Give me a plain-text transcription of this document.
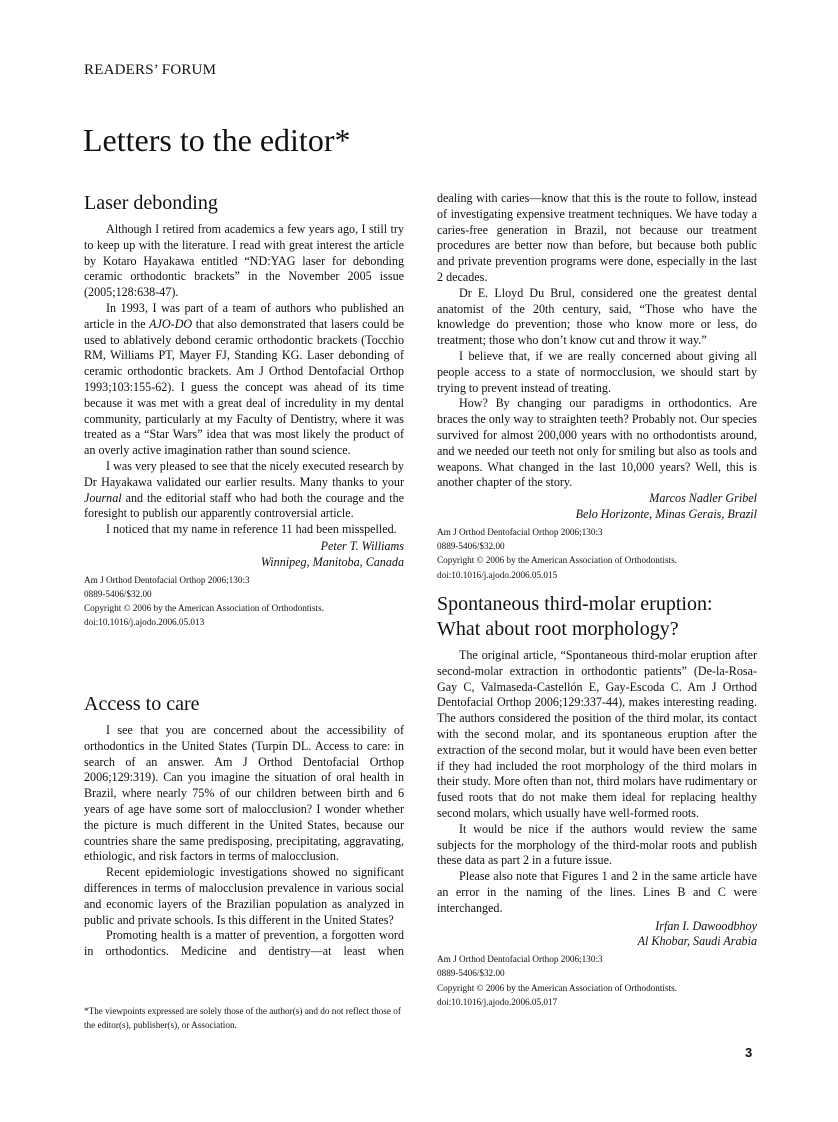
READERS’ FORUM
Letters to the editor*
Laser debonding

Although I retired from academics a few years ago, I still try to keep up with the literature. I read with great interest the article by Kotaro Hayakawa entitled “ND:YAG laser for debonding ceramic orthodontic brackets” in the November 2005 issue (2005;128:638-47).

In 1993, I was part of a team of authors who published an article in the AJO-DO that also demonstrated that lasers could be used to ablatively debond ceramic orthodontic brackets (Tocchio RM, Williams PT, Mayer FJ, Standing KG. Laser debonding of ceramic orthodontic brackets. Am J Orthod Dentofacial Orthop 1993;103:155-62). I guess the concept was ahead of its time because it was met with a great deal of incredulity in my dental community, particularly at my Faculty of Dentistry, where it was treated as a “Star Wars” idea that was most likely the product of an overly active imagination rather than sound science.

I was very pleased to see that the nicely executed research by Dr Hayakawa validated our earlier results. Many thanks to your Journal and the editorial staff who had both the courage and the foresight to publish our apparently controversial article.

I noticed that my name in reference 11 had been misspelled.

Peter T. Williams
Winnipeg, Manitoba, Canada
Am J Orthod Dentofacial Orthop 2006;130:3
0889-5406/$32.00
Copyright © 2006 by the American Association of Orthodontists.
doi:10.1016/j.ajodo.2006.05.013
Access to care

I see that you are concerned about the accessibility of orthodontics in the United States (Turpin DL. Access to care: in search of an answer. Am J Orthod Dentofacial Orthop 2006;129:319). Can you imagine the situation of oral health in Brazil, where nearly 75% of our children between birth and 6 years of age have some sort of malocclusion? I wonder whether the picture is much different in the United States, because our countries share the same predisposing, precipitating, aggravating, ethiologic, and risk factors in terms of malocclusion.

Recent epidemiologic investigations showed no significant differences in terms of malocclusion prevalence in various social and economic layers of the Brazilian population as analyzed in public and private schools. Is this different in the United States?

Promoting health is a matter of prevention, a forgotten word in orthodontics. Medicine and dentistry—at least when

*The viewpoints expressed are solely those of the author(s) and do not reflect those of the editor(s), publisher(s), or Association.

dealing with caries—know that this is the route to follow, instead of investigating expensive treatment techniques. We have today a caries-free generation in Brazil, not because our treatment procedures are better now than before, but because both public and private prevention programs were done, especially in the last 2 decades.

Dr E. Lloyd Du Brul, considered one the greatest dental anatomist of the 20th century, said, “Those who have the knowledge do prevention; those who know more or less, do treatment; those who don’t know cut and throw it way.”

I believe that, if we are really concerned about giving all people access to a state of normocclusion, we should start by trying to prevent instead of treating.

How? By changing our paradigms in orthodontics. Are braces the only way to straighten teeth? Probably not. Our species survived for almost 200,000 years with no orthodontists around, and we needed our teeth not only for smiling but also as tools and weapons. What changed in the last 10,000 years? Well, this is another chapter of the story.

Marcos Nadler Gribel
Belo Horizonte, Minas Gerais, Brazil
Am J Orthod Dentofacial Orthop 2006;130:3
0889-5406/$32.00
Copyright © 2006 by the American Association of Orthodontists.
doi:10.1016/j.ajodo.2006.05.015
Spontaneous third-molar eruption:
What about root morphology?

The original article, “Spontaneous third-molar eruption after second-molar extraction in orthodontic patients” (De-la-Rosa-Gay C, Valmaseda-Castellón E, Gay-Escoda C. Am J Orthod Dentofacial Orthop 2006;129:337-44), makes interesting reading. The authors considered the position of the third molar, its contact with the second molar, and its spontaneous eruption after the extraction of the second molar, but it would have been even better if they had included the root morphology of the third molars in their study. More often than not, third molars have rudimentary or fused roots that do not make them ideal for replacing healthy second molars, which usually have well-formed roots.

It would be nice if the authors would review the same subjects for the morphology of the third-molar roots and publish these data as part 2 in a future issue.

Please also note that Figures 1 and 2 in the same article have an error in the naming of the lines. Lines B and C were interchanged.

Irfan I. Dawoodbhoy
Al Khobar, Saudi Arabia
Am J Orthod Dentofacial Orthop 2006;130:3
0889-5406/$32.00
Copyright © 2006 by the American Association of Orthodontists.
doi:10.1016/j.ajodo.2006.05.017
3
